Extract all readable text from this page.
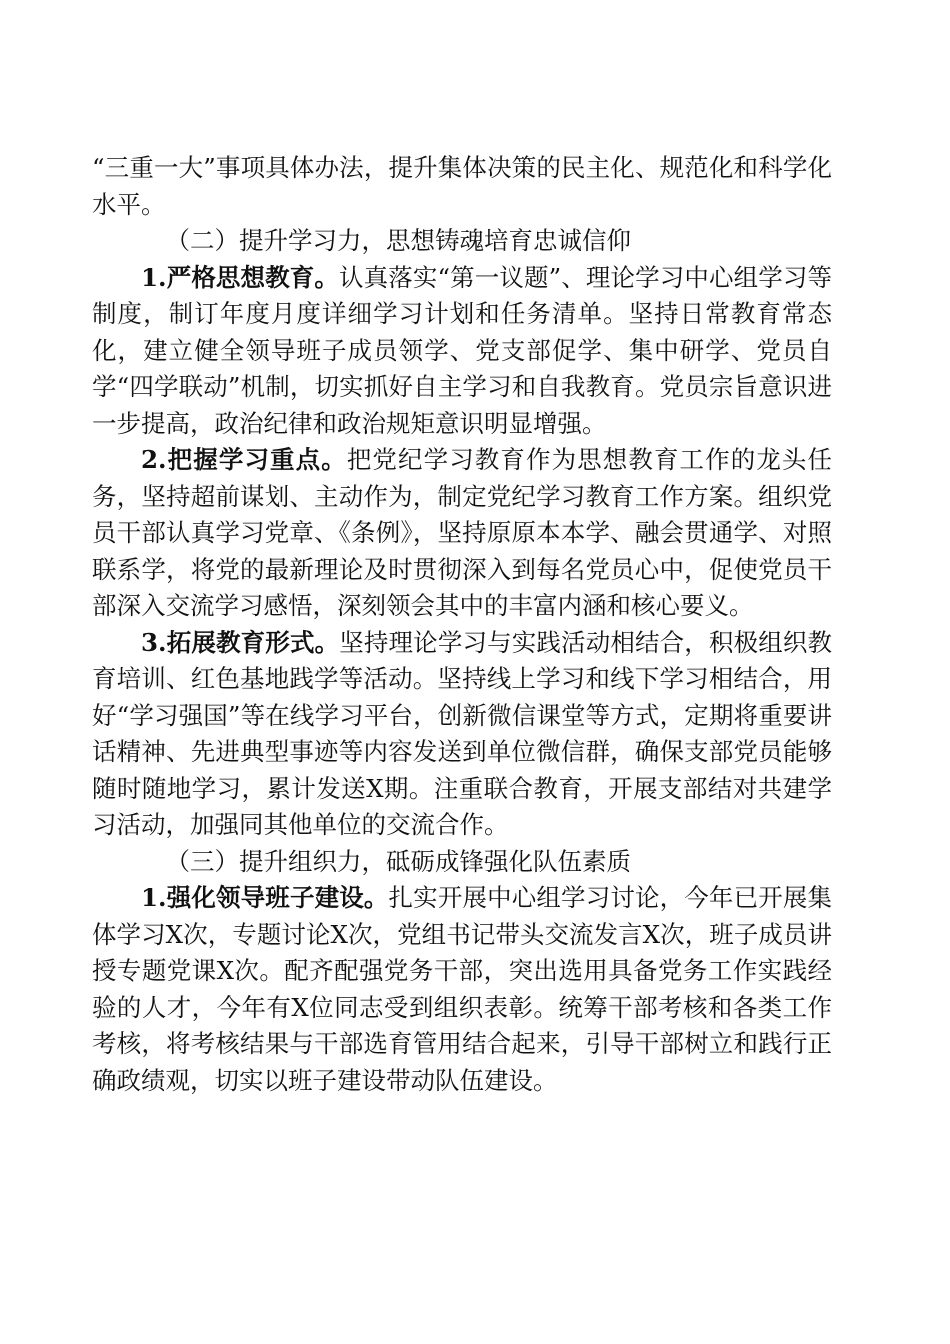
“三重一大”事项具体办法，提升集体决策的民主化、规范化和科学化水平。

（二）提升学习力，思想铸魂培育忠诚信仰

1.严格思想教育。认真落实“第一议题”、理论学习中心组学习等制度，制订年度月度详细学习计划和任务清单。坚持日常教育常态化，建立健全领导班子成员领学、党支部促学、集中研学、党员自学“四学联动”机制，切实抓好自主学习和自我教育。党员宗旨意识进一步提高，政治纪律和政治规矩意识明显增强。

2.把握学习重点。把党纪学习教育作为思想教育工作的龙头任务，坚持超前谋划、主动作为，制定党纪学习教育工作方案。组织党员干部认真学习党章、《条例》，坚持原原本本学、融会贯通学、对照联系学，将党的最新理论及时贯彻深入到每名党员心中，促使党员干部深入交流学习感悟，深刻领会其中的丰富内涵和核心要义。

3.拓展教育形式。坚持理论学习与实践活动相结合，积极组织教育培训、红色基地践学等活动。坚持线上学习和线下学习相结合，用好“学习强国”等在线学习平台，创新微信课堂等方式，定期将重要讲话精神、先进典型事迹等内容发送到单位微信群，确保支部党员能够随时随地学习，累计发送X期。注重联合教育，开展支部结对共建学习活动，加强同其他单位的交流合作。

（三）提升组织力，砥砺成锋强化队伍素质

1.强化领导班子建设。扎实开展中心组学习讨论，今年已开展集体学习X次，专题讨论X次，党组书记带头交流发言X次，班子成员讲授专题党课X次。配齐配强党务干部，突出选用具备党务工作实践经验的人才，今年有X位同志受到组织表彰。统筹干部考核和各类工作考核，将考核结果与干部选育管用结合起来，引导干部树立和践行正确政绩观，切实以班子建设带动队伍建设。
